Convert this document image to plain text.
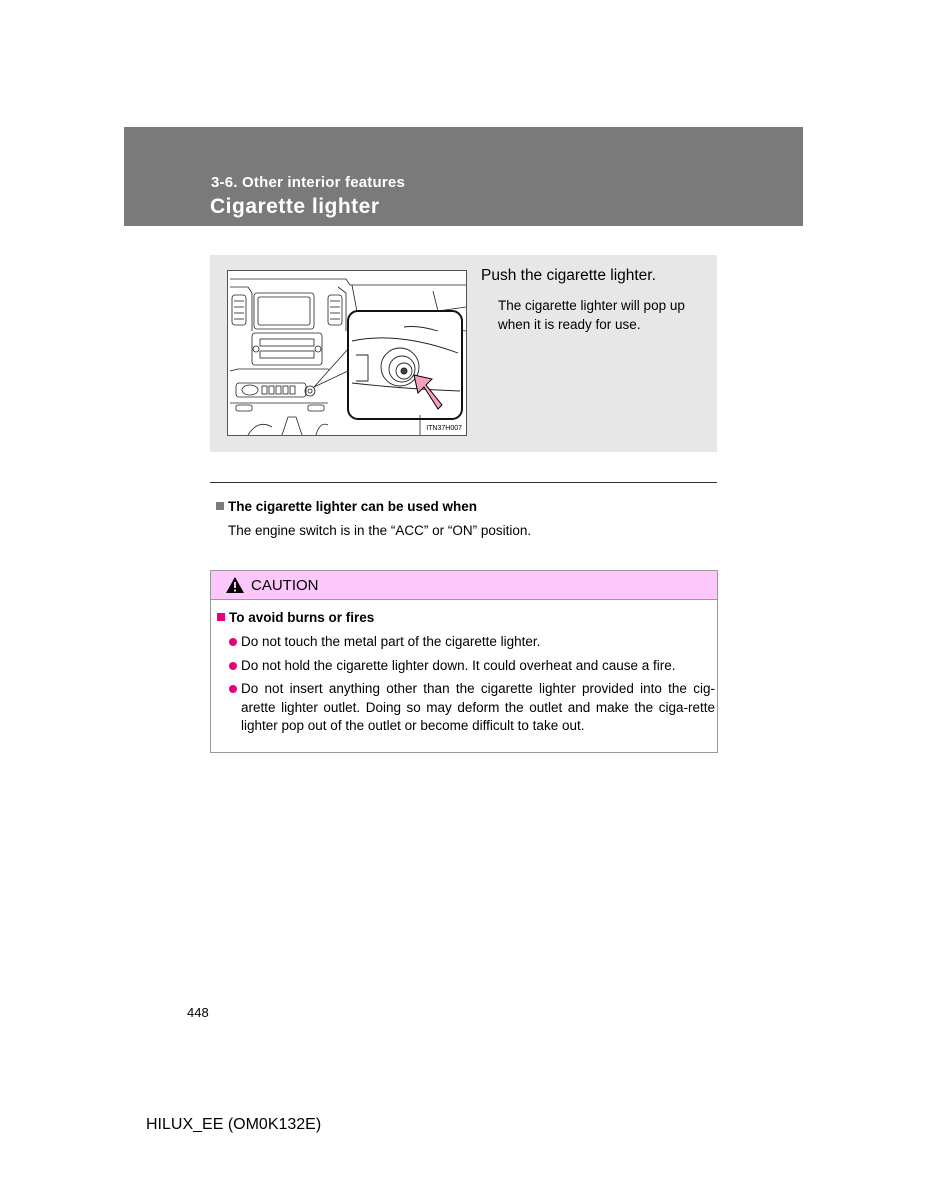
3-6. Other interior features
Cigarette lighter
ITN37H007
Push the cigarette lighter.
The cigarette lighter will pop up when it is ready for use.
The cigarette lighter can be used when
The engine switch is in the “ACC” or “ON” position.
CAUTION
To avoid burns or fires
Do not touch the metal part of the cigarette lighter.
Do not hold the cigarette lighter down. It could overheat and cause a fire.
Do not insert anything other than the cigarette lighter provided into the cig-arette lighter outlet. Doing so may deform the outlet and make the ciga-rette lighter pop out of the outlet or become difficult to take out.
448
HILUX_EE (OM0K132E)
